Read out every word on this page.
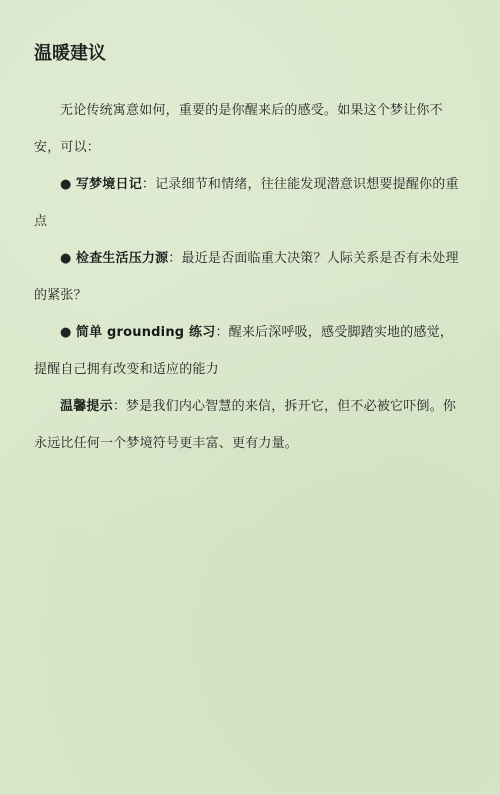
温暖建议

无论传统寓意如何，重要的是你醒来后的感受。如果这个梦让你不安，可以：

● 写梦境日记：记录细节和情绪，往往能发现潜意识想要提醒你的重点

● 检查生活压力源：最近是否面临重大决策？人际关系是否有未处理的紧张？

● 简单 grounding 练习：醒来后深呼吸，感受脚踏实地的感觉，提醒自己拥有改变和适应的能力

温馨提示：梦是我们内心智慧的来信，拆开它，但不必被它吓倒。你永远比任何一个梦境符号更丰富、更有力量。
